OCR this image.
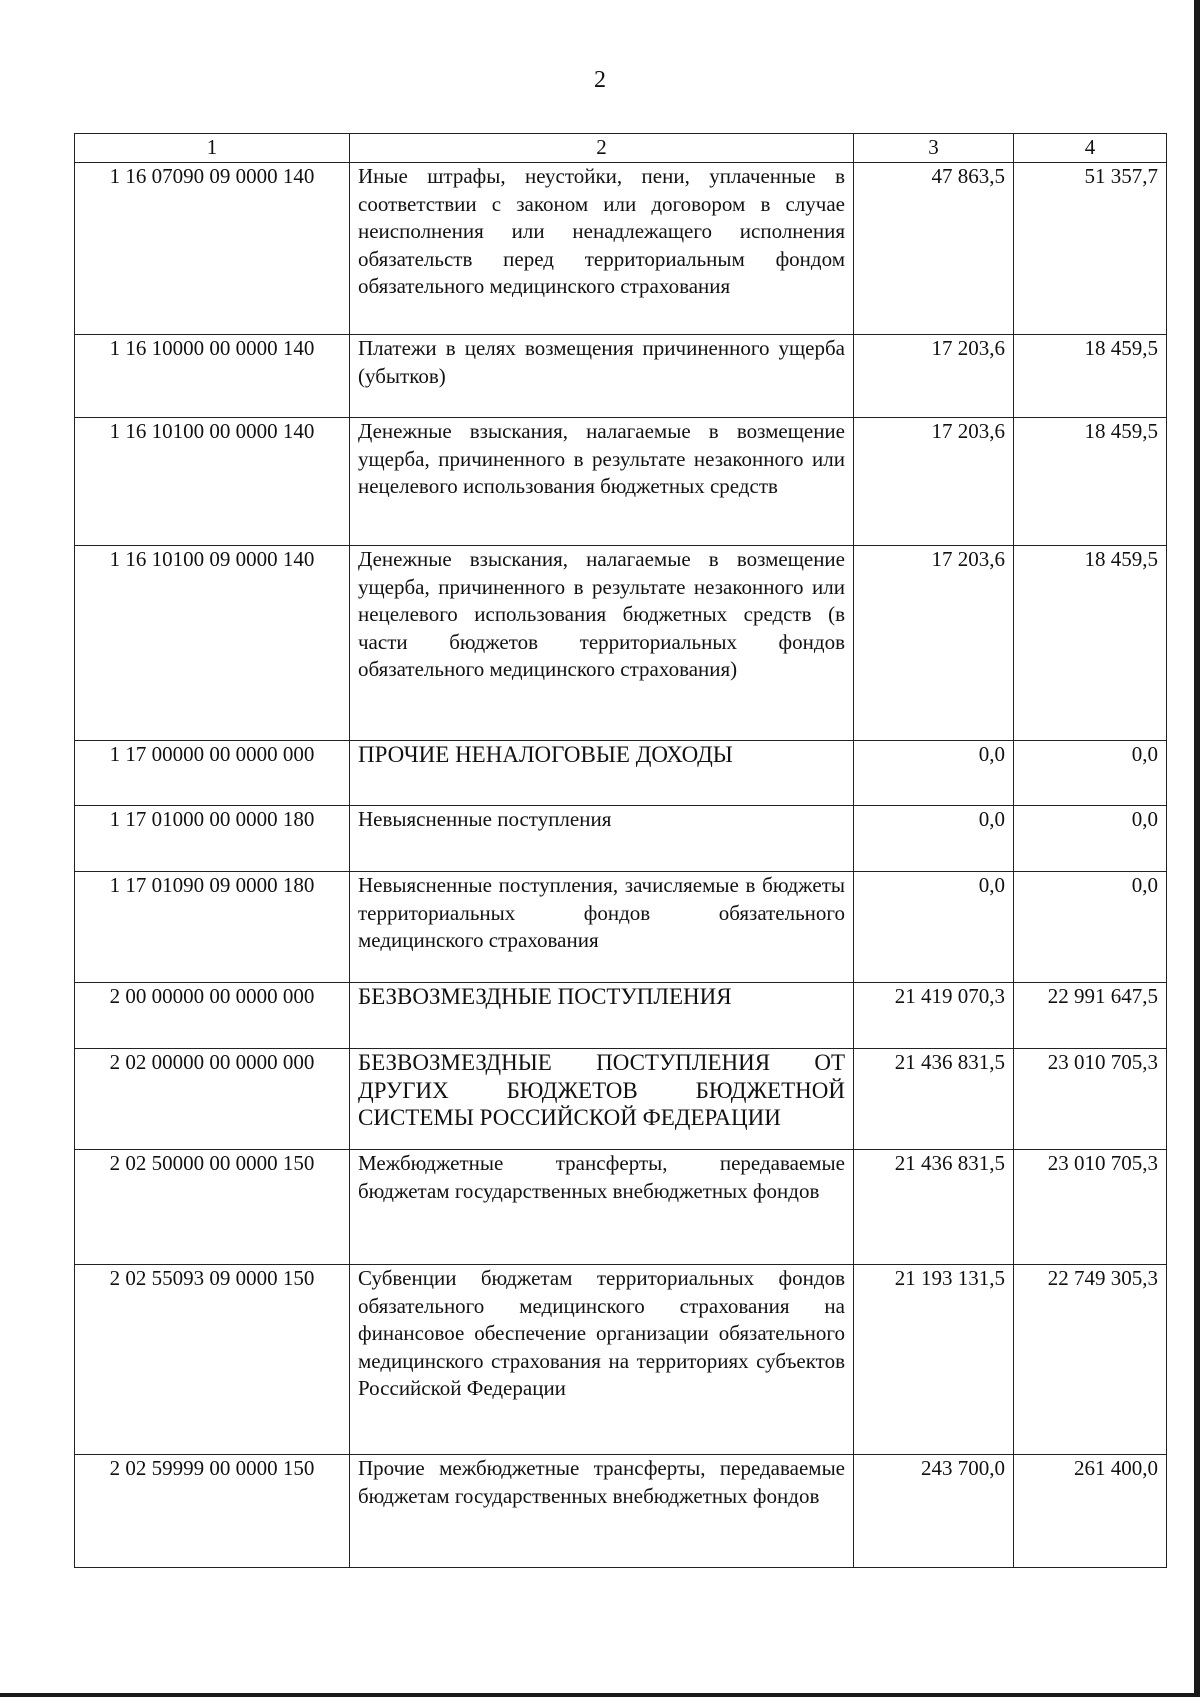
2
1	2	3	4
1 16 07090 09 0000 140	Иные штрафы, неустойки, пени, уплаченные в соответствии с законом или договором в случае неисполнения или ненадлежащего исполнения обязательств перед территориальным фондом обязательного медицинского страхования	47 863,5	51 357,7
1 16 10000 00 0000 140	Платежи в целях возмещения причиненного ущерба (убытков)	17 203,6	18 459,5
1 16 10100 00 0000 140	Денежные взыскания, налагаемые в возмещение ущерба, причиненного в результате незаконного или нецелевого использования бюджетных средств	17 203,6	18 459,5
1 16 10100 09 0000 140	Денежные взыскания, налагаемые в возмещение ущерба, причиненного в результате незаконного или нецелевого использования бюджетных средств (в части бюджетов территориальных фондов обязательного медицинского страхования)	17 203,6	18 459,5
1 17 00000 00 0000 000	ПРОЧИЕ НЕНАЛОГОВЫЕ ДОХОДЫ	0,0	0,0
1 17 01000 00 0000 180	Невыясненные поступления	0,0	0,0
1 17 01090 09 0000 180	Невыясненные поступления, зачисляемые в бюджеты территориальных фондов обязательного медицинского страхования	0,0	0,0
2 00 00000 00 0000 000	БЕЗВОЗМЕЗДНЫЕ ПОСТУПЛЕНИЯ	21 419 070,3	22 991 647,5
2 02 00000 00 0000 000	БЕЗВОЗМЕЗДНЫЕ ПОСТУПЛЕНИЯ ОТ ДРУГИХ БЮДЖЕТОВ БЮДЖЕТНОЙ СИСТЕМЫ РОССИЙСКОЙ ФЕДЕРАЦИИ	21 436 831,5	23 010 705,3
2 02 50000 00 0000 150	Межбюджетные трансферты, передаваемые бюджетам государственных внебюджетных фондов	21 436 831,5	23 010 705,3
2 02 55093 09 0000 150	Субвенции бюджетам территориальных фондов обязательного медицинского страхования на финансовое обеспечение организации обязательного медицинского страхования на территориях субъектов Российской Федерации	21 193 131,5	22 749 305,3
2 02 59999 00 0000 150	Прочие межбюджетные трансферты, передаваемые бюджетам государственных внебюджетных фондов	243 700,0	261 400,0
